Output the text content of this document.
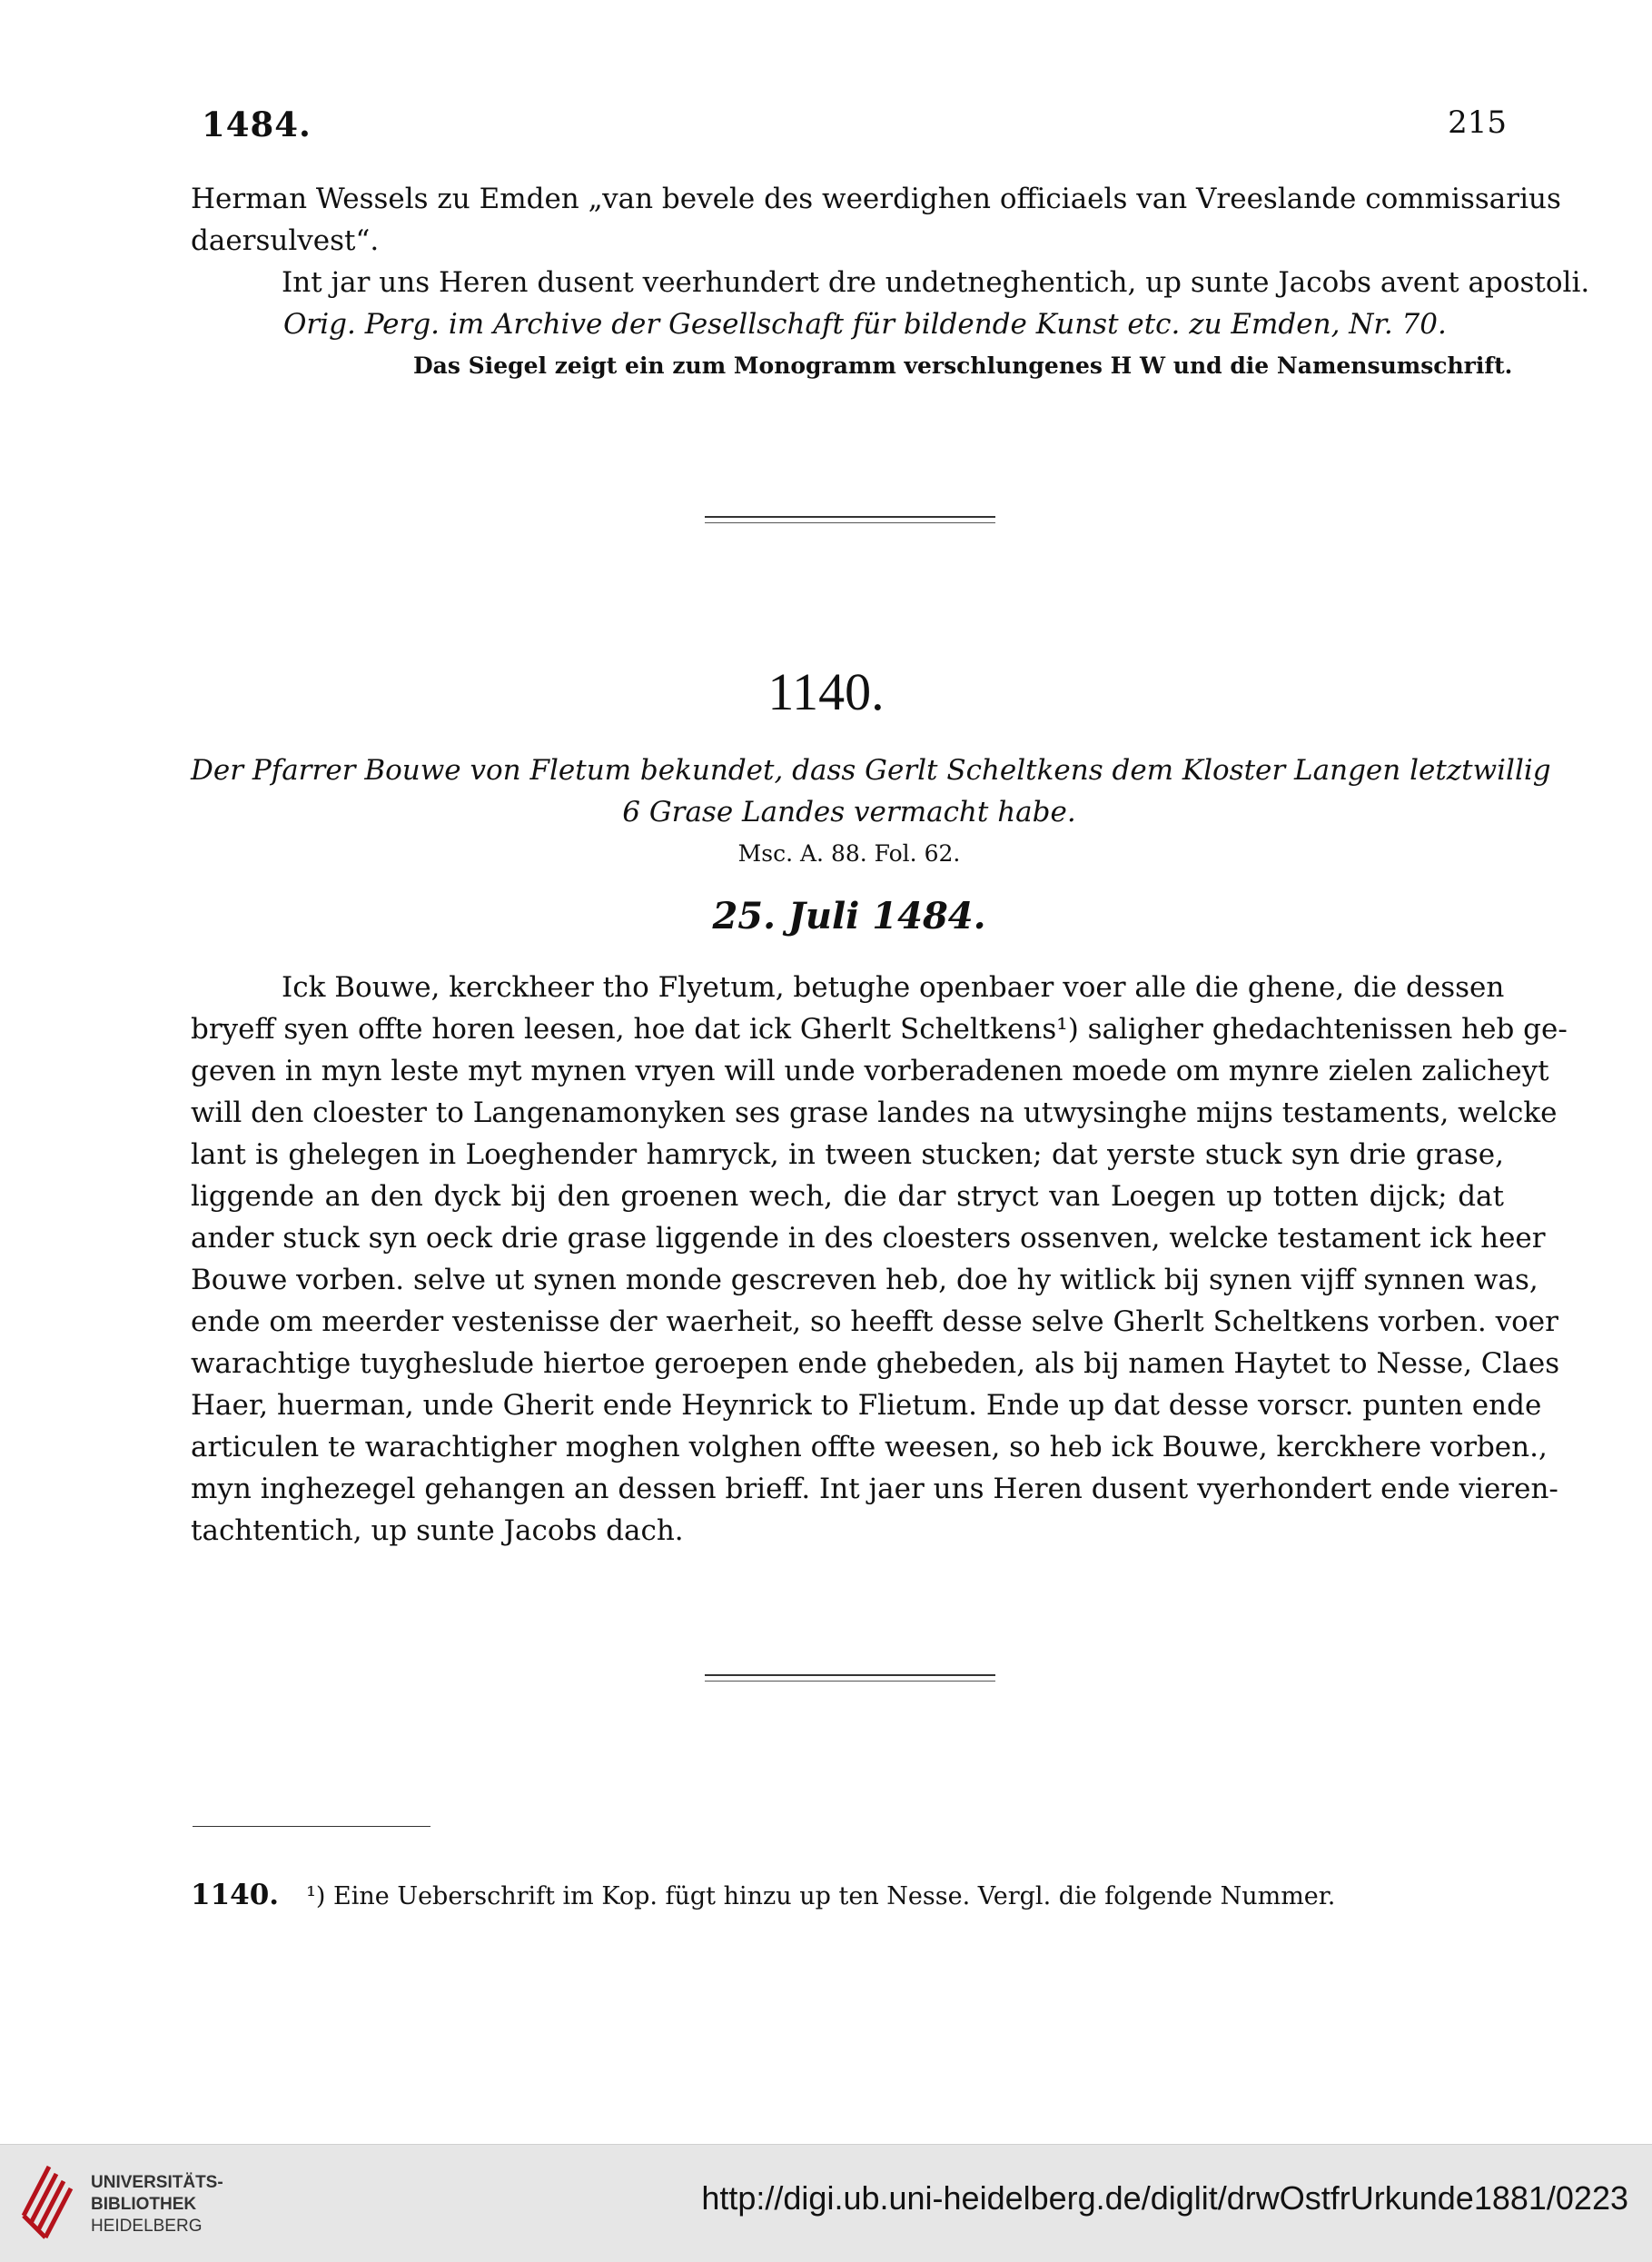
1484.	215
Herman Wessels zu Emden „van bevele des weerdighen officiaels van Vreeslande commissarius
daersulvest“.
Int jar uns Heren dusent veerhundert dre undetneghentich, up sunte Jacobs avent apostoli.
Orig. Perg. im Archive der Gesellschaft für bildende Kunst etc. zu Emden, Nr. 70.
Das Siegel zeigt ein zum Monogramm verschlungenes H W und die Namensumschrift.
1140.
Der Pfarrer Bouwe von Fletum bekundet, dass Gerlt Scheltkens dem Kloster Langen letztwillig
6 Grase Landes vermacht habe.
Msc. A. 88. Fol. 62.
25. Juli 1484.
Ick Bouwe, kerckheer tho Flyetum, betughe openbaer voer alle die ghene, die dessen
bryeff syen offte horen leesen, hoe dat ick Gherlt Scheltkens¹) saligher ghedachtenissen heb ge-
geven in myn leste myt mynen vryen will unde vorberadenen moede om mynre zielen zalicheyt
will den cloester to Langenamonyken ses grase landes na utwysinghe mijns testaments, welcke
lant is ghelegen in Loeghender hamryck, in tween stucken; dat yerste stuck syn drie grase,
liggende an den dyck bij den groenen wech, die dar stryct van Loegen up totten dijck; dat
ander stuck syn oeck drie grase liggende in des cloesters ossenven, welcke testament ick heer
Bouwe vorben. selve ut synen monde gescreven heb, doe hy witlick bij synen vijff synnen was,
ende om meerder vestenisse der waerheit, so heefft desse selve Gherlt Scheltkens vorben. voer
warachtige tuygheslude hiertoe geroepen ende ghebeden, als bij namen Haytet to Nesse, Claes
Haer, huerman, unde Gherit ende Heynrick to Flietum. Ende up dat desse vorscr. punten ende
articulen te warachtigher moghen volghen offte weesen, so heb ick Bouwe, kerckhere vorben.,
myn inghezegel gehangen an dessen brieff. Int jaer uns Heren dusent vyerhondert ende vieren-
tachtentich, up sunte Jacobs dach.
1140. ¹) Eine Ueberschrift im Kop. fügt hinzu up ten Nesse. Vergl. die folgende Nummer.
UNIVERSITÄTS-
BIBLIOTHEK
HEIDELBERG
http://digi.ub.uni-heidelberg.de/diglit/drwOstfrUrkunde1881/0223
